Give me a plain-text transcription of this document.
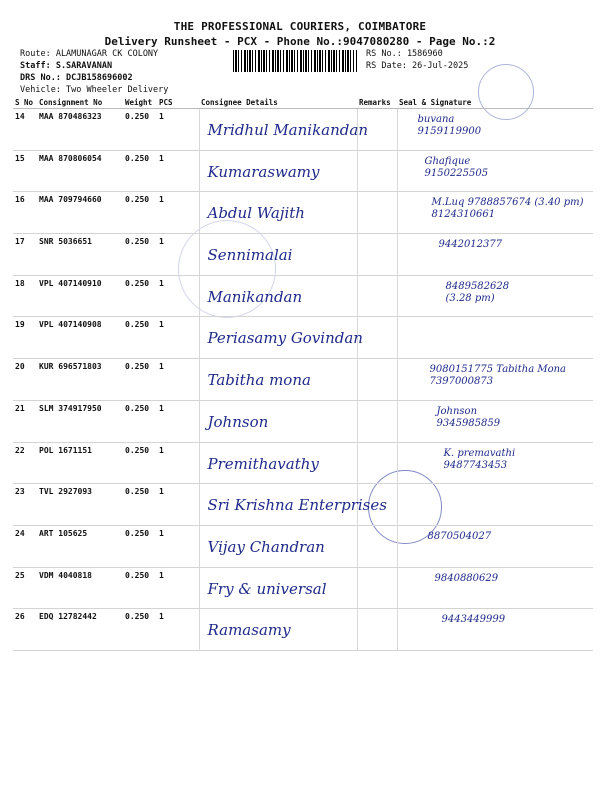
THE PROFESSIONAL COURIERS, COIMBATORE
Delivery Runsheet - PCX - Phone No.:9047080280 - Page No.:2
Route: ALAMUNAGAR CK COLONY
Staff: S.SARAVANAN
DRS No.: DCJB158696002
Vehicle: Two Wheeler Delivery
RS No.: 1586960
RS Date: 26-Jul-2025
S No	Consignment No	Weight	PCS	Consignee Details	Remarks	Seal & Signature
14	MAA 870486323	0.250	1	Mridhul Manikandan		buvana
9159119900

15	MAA 870806054	0.250	1	Kumaraswamy		Ghafique
9150225505

16	MAA 709794660	0.250	1	Abdul Wajith		M.Luq 9788857674 (3.40 pm)
8124310661

17	SNR 5036651	0.250	1	Sennimalai		9442012377

18	VPL 407140910	0.250	1	Manikandan		8489582628
(3.28 pm)

19	VPL 407140908	0.250	1	Periasamy Govindan		

20	KUR 696571803	0.250	1	Tabitha mona		9080151775 Tabitha Mona
7397000873

21	SLM 374917950	0.250	1	Johnson		Johnson
9345985859

22	POL 1671151	0.250	1	Premithavathy		K. premavathi
9487743453

23	TVL 2927093	0.250	1	Sri Krishna Enterprises		

24	ART 105625	0.250	1	Vijay Chandran		8870504027

25	VDM 4040818	0.250	1	Fry & universal		9840880629

26	EDQ 12782442	0.250	1	Ramasamy		9443449999
